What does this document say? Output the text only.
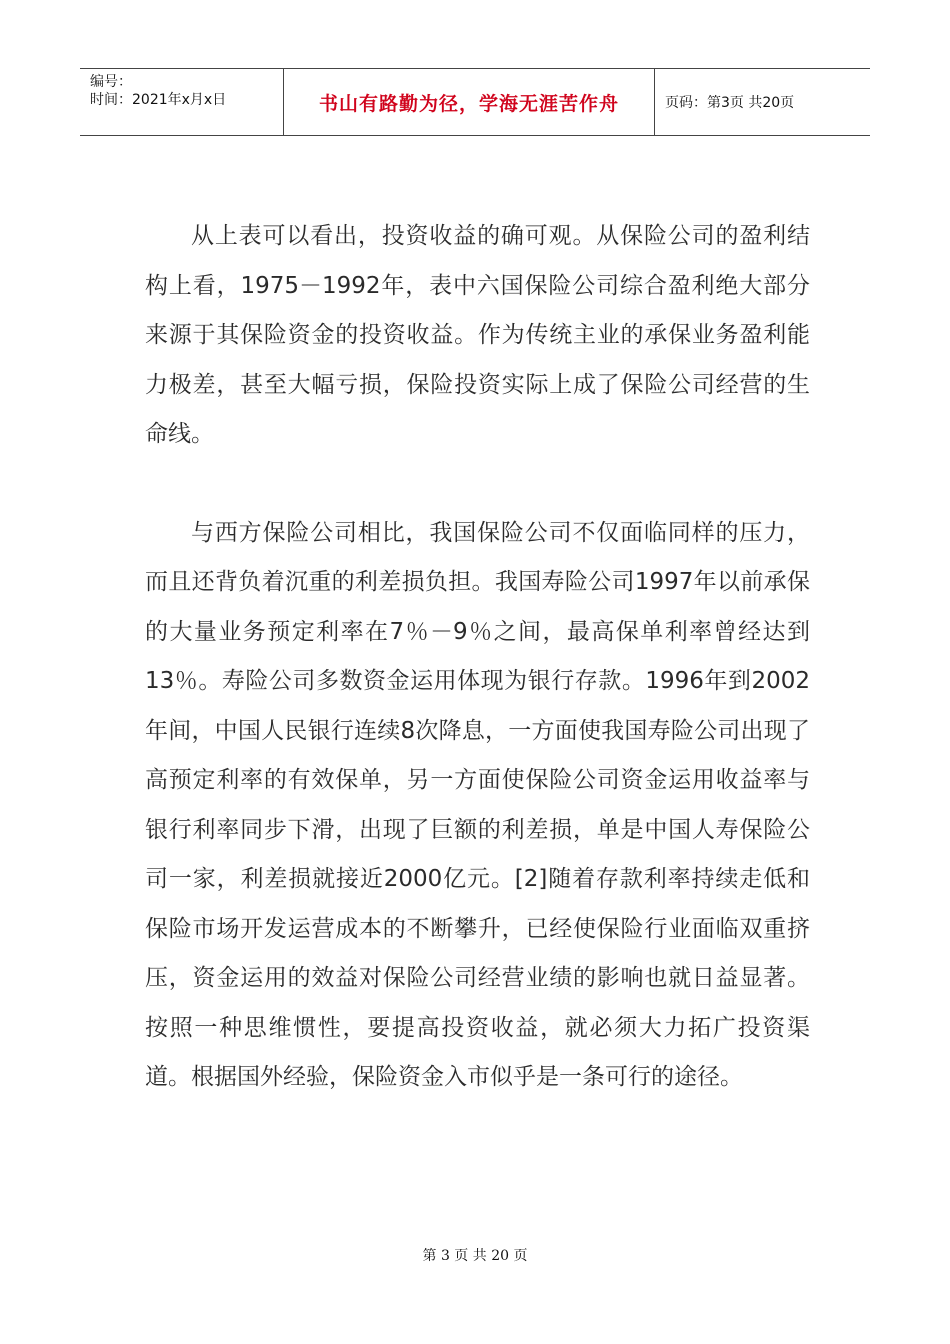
编号：
时间：2021年x月x日	书山有路勤为径，学海无涯苦作舟	页码：第3页 共20页

从上表可以看出，投资收益的确可观。从保险公司的盈利结构上看，1975－1992年，表中六国保险公司综合盈利绝大部分来源于其保险资金的投资收益。作为传统主业的承保业务盈利能力极差，甚至大幅亏损，保险投资实际上成了保险公司经营的生命线。

与西方保险公司相比，我国保险公司不仅面临同样的压力，而且还背负着沉重的利差损负担。我国寿险公司1997年以前承保的大量业务预定利率在7％－9％之间，最高保单利率曾经达到13％。寿险公司多数资金运用体现为银行存款。1996年到2002年间，中国人民银行连续8次降息，一方面使我国寿险公司出现了高预定利率的有效保单，另一方面使保险公司资金运用收益率与银行利率同步下滑，出现了巨额的利差损，单是中国人寿保险公司一家，利差损就接近2000亿元。[2]随着存款利率持续走低和保险市场开发运营成本的不断攀升，已经使保险行业面临双重挤压，资金运用的效益对保险公司经营业绩的影响也就日益显著。按照一种思维惯性，要提高投资收益，就必须大力拓广投资渠道。根据国外经验，保险资金入市似乎是一条可行的途径。

第 3 页 共 20 页
